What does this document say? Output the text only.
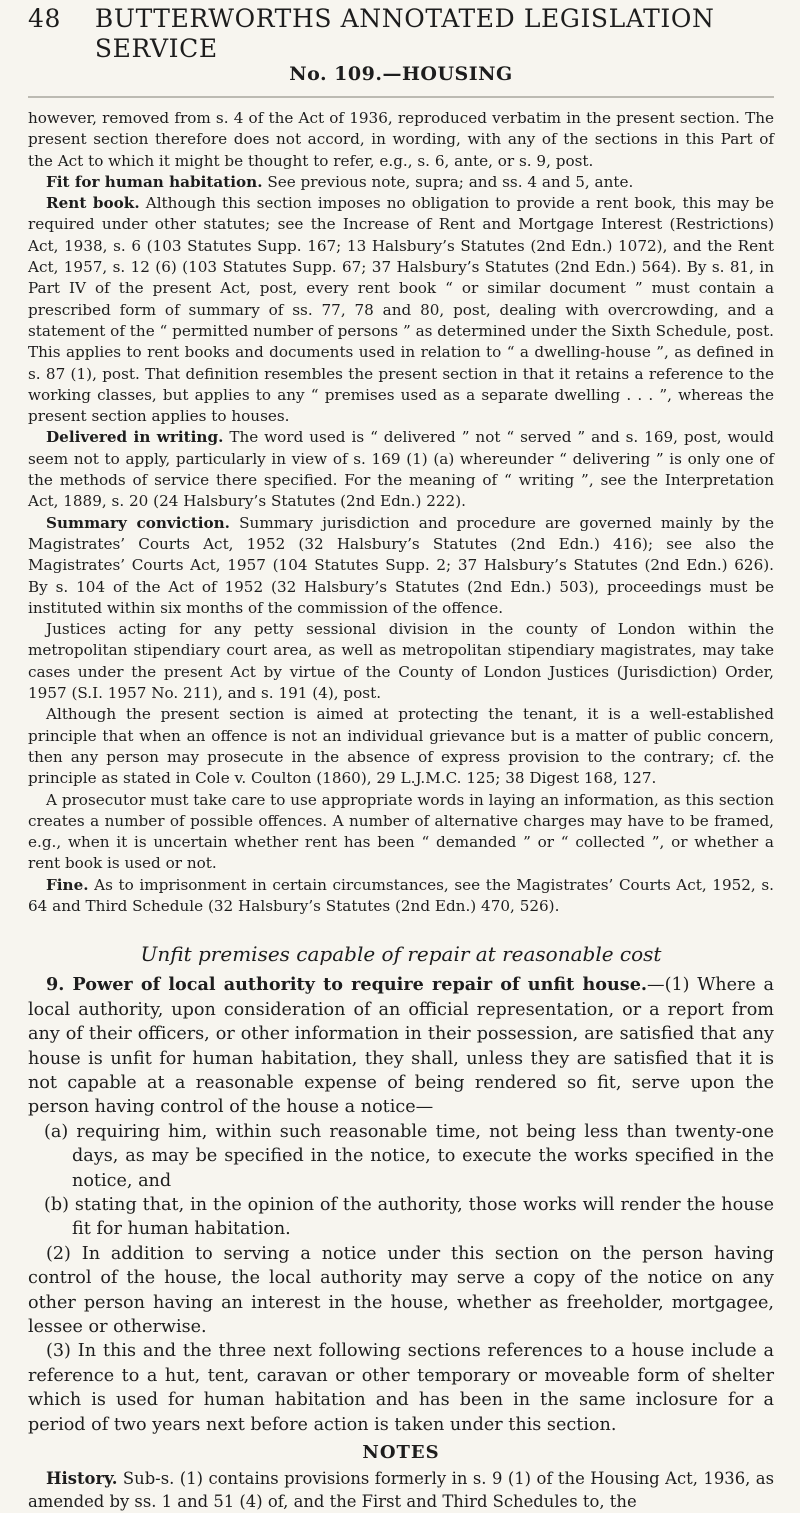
48	BUTTERWORTHS ANNOTATED LEGISLATION SERVICE
No. 109.—HOUSING

however, removed from s. 4 of the Act of 1936, reproduced verbatim in the present section. The present section therefore does not accord, in wording, with any of the sections in this Part of the Act to which it might be thought to refer, e.g., s. 6, ante, or s. 9, post.

Fit for human habitation. See previous note, supra; and ss. 4 and 5, ante.

Rent book. Although this section imposes no obligation to provide a rent book, this may be required under other statutes; see the Increase of Rent and Mortgage Interest (Restrictions) Act, 1938, s. 6 (103 Statutes Supp. 167; 13 Halsbury’s Statutes (2nd Edn.) 1072), and the Rent Act, 1957, s. 12 (6) (103 Statutes Supp. 67; 37 Halsbury’s Statutes (2nd Edn.) 564). By s. 81, in Part IV of the present Act, post, every rent book “ or similar document ” must contain a prescribed form of summary of ss. 77, 78 and 80, post, dealing with overcrowding, and a statement of the “ permitted number of persons ” as determined under the Sixth Schedule, post. This applies to rent books and documents used in relation to “ a dwelling-house ”, as defined in s. 87 (1), post. That definition resembles the present section in that it retains a reference to the working classes, but applies to any “ premises used as a separate dwelling . . . ”, whereas the present section applies to houses.

Delivered in writing. The word used is “ delivered ” not “ served ” and s. 169, post, would seem not to apply, particularly in view of s. 169 (1) (a) whereunder “ delivering ” is only one of the methods of service there specified. For the meaning of “ writing ”, see the Interpretation Act, 1889, s. 20 (24 Halsbury’s Statutes (2nd Edn.) 222).

Summary conviction. Summary jurisdiction and procedure are governed mainly by the Magistrates’ Courts Act, 1952 (32 Halsbury’s Statutes (2nd Edn.) 416); see also the Magistrates’ Courts Act, 1957 (104 Statutes Supp. 2; 37 Halsbury’s Statutes (2nd Edn.) 626). By s. 104 of the Act of 1952 (32 Halsbury’s Statutes (2nd Edn.) 503), proceedings must be instituted within six months of the commission of the offence.

Justices acting for any petty sessional division in the county of London within the metropolitan stipendiary court area, as well as metropolitan stipendiary magistrates, may take cases under the present Act by virtue of the County of London Justices (Jurisdiction) Order, 1957 (S.I. 1957 No. 211), and s. 191 (4), post.

Although the present section is aimed at protecting the tenant, it is a well-established principle that when an offence is not an individual grievance but is a matter of public concern, then any person may prosecute in the absence of express provision to the contrary; cf. the principle as stated in Cole v. Coulton (1860), 29 L.J.M.C. 125; 38 Digest 168, 127.

A prosecutor must take care to use appropriate words in laying an information, as this section creates a number of possible offences. A number of alternative charges may have to be framed, e.g., when it is uncertain whether rent has been “ demanded ” or “ collected ”, or whether a rent book is used or not.

Fine. As to imprisonment in certain circumstances, see the Magistrates’ Courts Act, 1952, s. 64 and Third Schedule (32 Halsbury’s Statutes (2nd Edn.) 470, 526).

Unfit premises capable of repair at reasonable cost

9. Power of local authority to require repair of unfit house.—(1) Where a local authority, upon consideration of an official representation, or a report from any of their officers, or other information in their possession, are satisfied that any house is unfit for human habitation, they shall, unless they are satisfied that it is not capable at a reasonable expense of being rendered so fit, serve upon the person having control of the house a notice—

(a) requiring him, within such reasonable time, not being less than twenty-one days, as may be specified in the notice, to execute the works specified in the notice, and

(b) stating that, in the opinion of the authority, those works will render the house fit for human habitation.

(2) In addition to serving a notice under this section on the person having control of the house, the local authority may serve a copy of the notice on any other person having an interest in the house, whether as freeholder, mortgagee, lessee or otherwise.

(3) In this and the three next following sections references to a house include a reference to a hut, tent, caravan or other temporary or moveable form of shelter which is used for human habitation and has been in the same inclosure for a period of two years next before action is taken under this section.

NOTES

History. Sub-s. (1) contains provisions formerly in s. 9 (1) of the Housing Act, 1936, as amended by ss. 1 and 51 (4) of, and the First and Third Schedules to, the
